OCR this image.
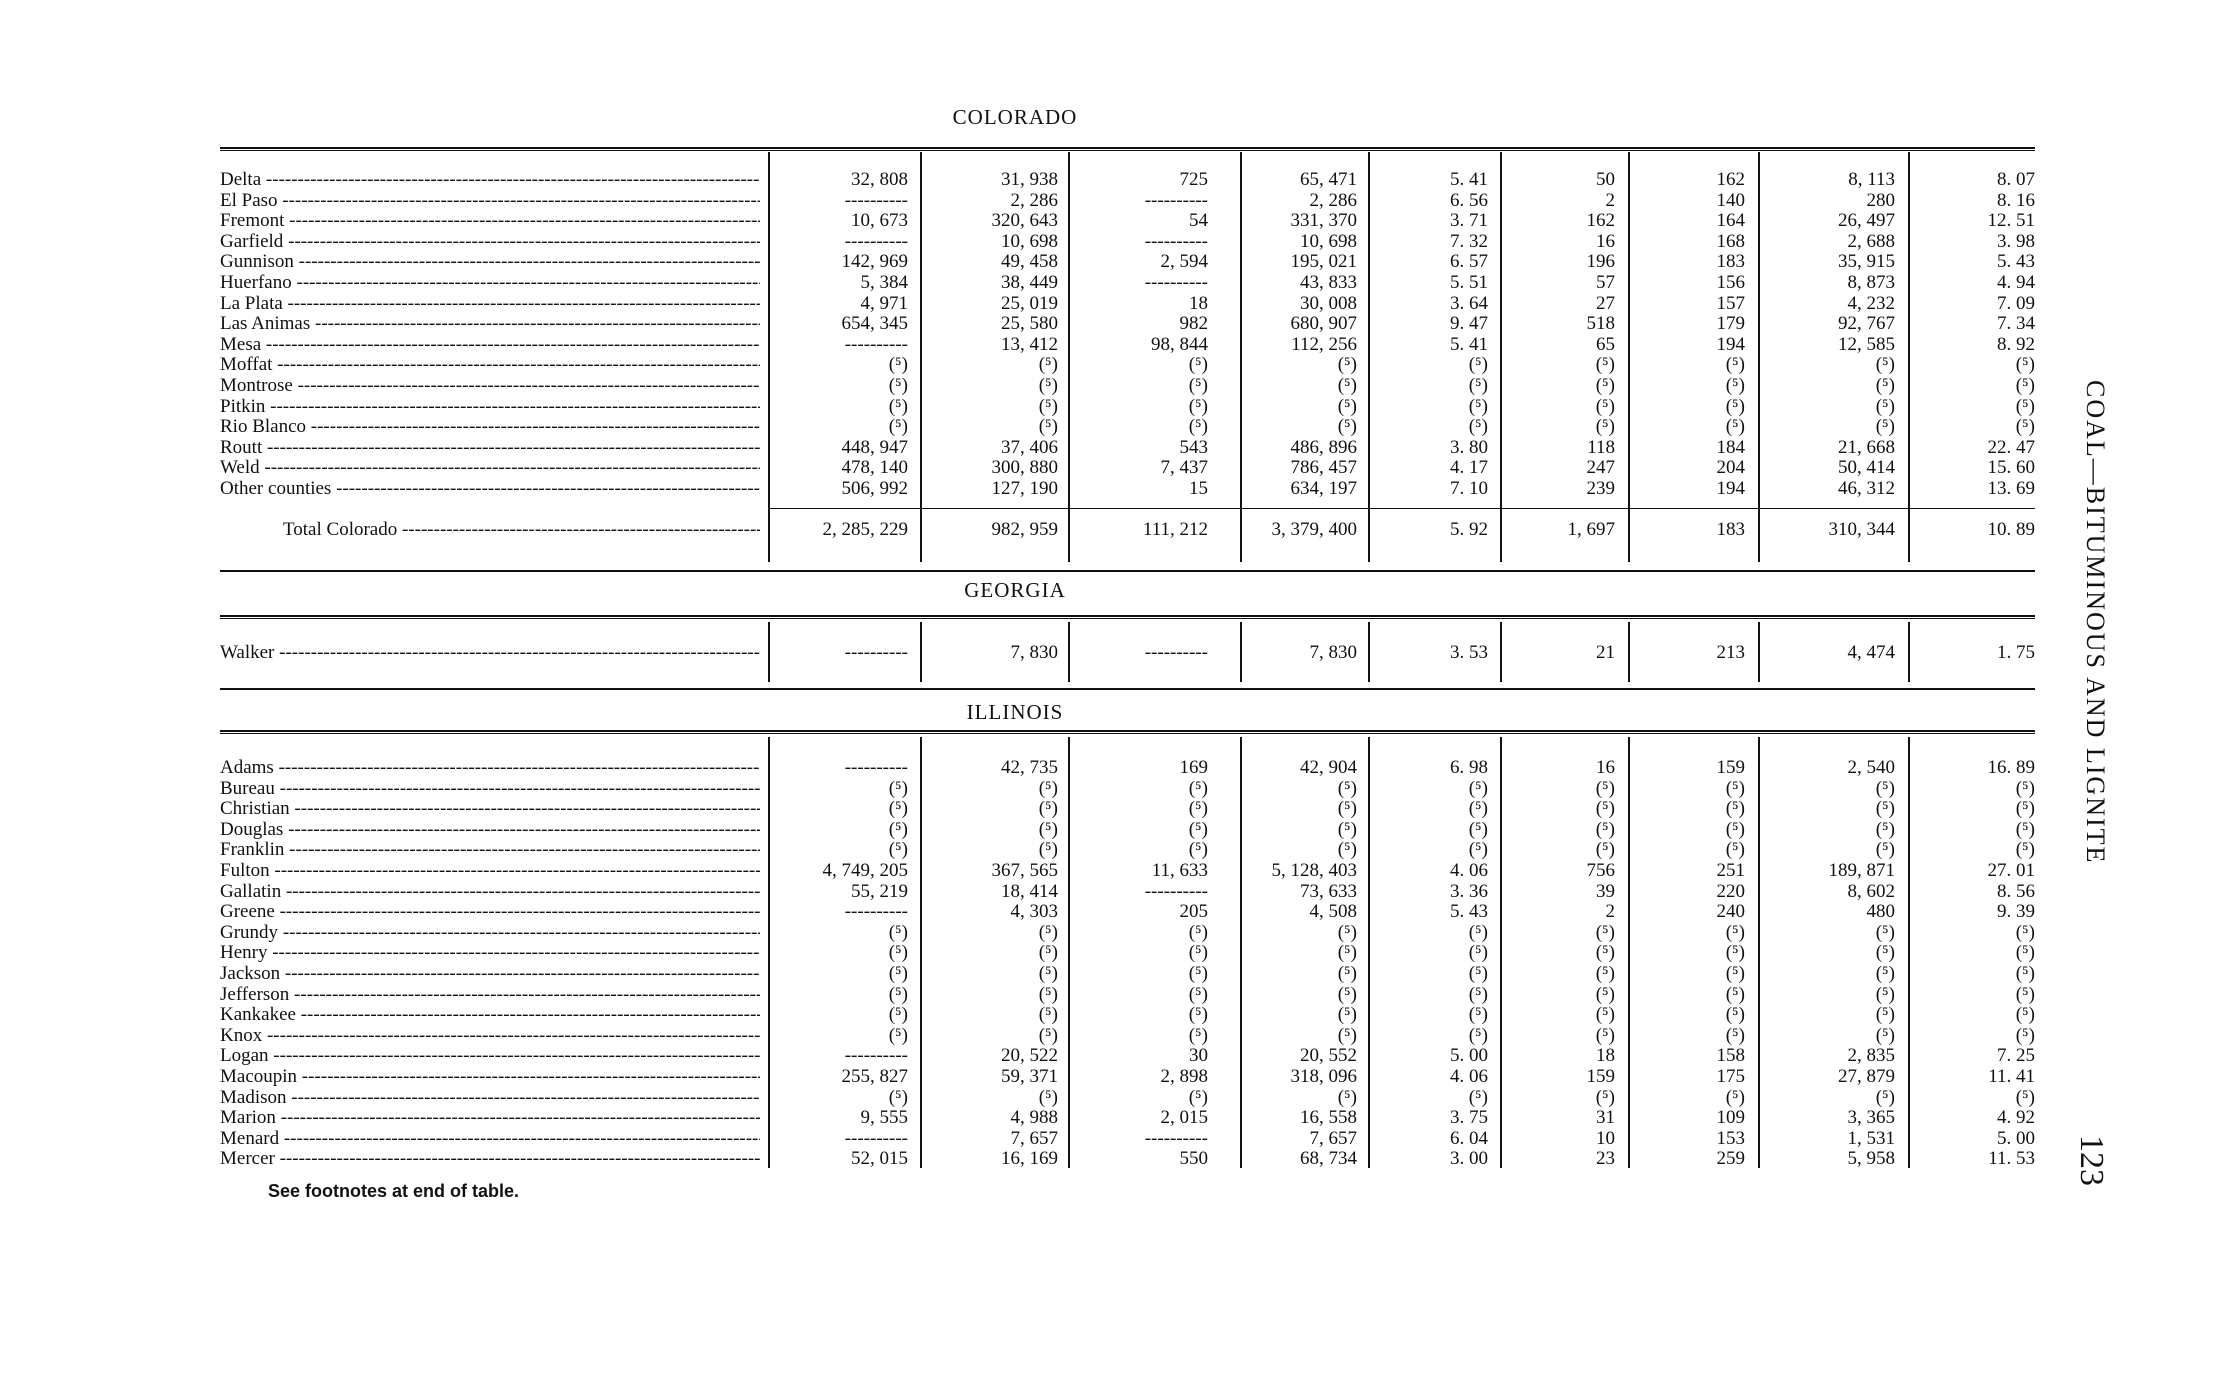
COLORADO
Delta -----	32, 808	31, 938	725	65, 471	5. 41	50	162	8, 113	8. 07
El Paso -----	----------	2, 286	----------	2, 286	6. 56	2	140	280	8. 16
Fremont -----	10, 673	320, 643	54	331, 370	3. 71	162	164	26, 497	12. 51
Garfield -----	----------	10, 698	----------	10, 698	7. 32	16	168	2, 688	3. 98
Gunnison -----	142, 969	49, 458	2, 594	195, 021	6. 57	196	183	35, 915	5. 43
Huerfano -----	5, 384	38, 449	----------	43, 833	5. 51	57	156	8, 873	4. 94
La Plata -----	4, 971	25, 019	18	30, 008	3. 64	27	157	4, 232	7. 09
Las Animas -----	654, 345	25, 580	982	680, 907	9. 47	518	179	92, 767	7. 34
Mesa -----	----------	13, 412	98, 844	112, 256	5. 41	65	194	12, 585	8. 92
Moffat -----	(⁵)	(⁵)	(⁵)	(⁵)	(⁵)	(⁵)	(⁵)	(⁵)	(⁵)
Montrose -----	(⁵)	(⁵)	(⁵)	(⁵)	(⁵)	(⁵)	(⁵)	(⁵)	(⁵)
Pitkin -----	(⁵)	(⁵)	(⁵)	(⁵)	(⁵)	(⁵)	(⁵)	(⁵)	(⁵)
Rio Blanco -----	(⁵)	(⁵)	(⁵)	(⁵)	(⁵)	(⁵)	(⁵)	(⁵)	(⁵)
Routt -----	448, 947	37, 406	543	486, 896	3. 80	118	184	21, 668	22. 47
Weld -----	478, 140	300, 880	7, 437	786, 457	4. 17	247	204	50, 414	15. 60
Other counties -----	506, 992	127, 190	15	634, 197	7. 10	239	194	46, 312	13. 69
Total Colorado -----	2, 285, 229	982, 959	111, 212	3, 379, 400	5. 92	1, 697	183	310, 344	10. 89
GEORGIA
Walker -----	----------	7, 830	----------	7, 830	3. 53	21	213	4, 474	1. 75
ILLINOIS
Adams -----	----------	42, 735	169	42, 904	6. 98	16	159	2, 540	16. 89
Bureau -----	(⁵)	(⁵)	(⁵)	(⁵)	(⁵)	(⁵)	(⁵)	(⁵)	(⁵)
Christian -----	(⁵)	(⁵)	(⁵)	(⁵)	(⁵)	(⁵)	(⁵)	(⁵)	(⁵)
Douglas -----	(⁵)	(⁵)	(⁵)	(⁵)	(⁵)	(⁵)	(⁵)	(⁵)	(⁵)
Franklin -----	(⁵)	(⁵)	(⁵)	(⁵)	(⁵)	(⁵)	(⁵)	(⁵)	(⁵)
Fulton -----	4, 749, 205	367, 565	11, 633	5, 128, 403	4. 06	756	251	189, 871	27. 01
Gallatin -----	55, 219	18, 414	----------	73, 633	3. 36	39	220	8, 602	8. 56
Greene -----	----------	4, 303	205	4, 508	5. 43	2	240	480	9. 39
Grundy -----	(⁵)	(⁵)	(⁵)	(⁵)	(⁵)	(⁵)	(⁵)	(⁵)	(⁵)
Henry -----	(⁵)	(⁵)	(⁵)	(⁵)	(⁵)	(⁵)	(⁵)	(⁵)	(⁵)
Jackson -----	(⁵)	(⁵)	(⁵)	(⁵)	(⁵)	(⁵)	(⁵)	(⁵)	(⁵)
Jefferson -----	(⁵)	(⁵)	(⁵)	(⁵)	(⁵)	(⁵)	(⁵)	(⁵)	(⁵)
Kankakee -----	(⁵)	(⁵)	(⁵)	(⁵)	(⁵)	(⁵)	(⁵)	(⁵)	(⁵)
Knox -----	(⁵)	(⁵)	(⁵)	(⁵)	(⁵)	(⁵)	(⁵)	(⁵)	(⁵)
Logan -----	----------	20, 522	30	20, 552	5. 00	18	158	2, 835	7. 25
Macoupin -----	255, 827	59, 371	2, 898	318, 096	4. 06	159	175	27, 879	11. 41
Madison -----	(⁵)	(⁵)	(⁵)	(⁵)	(⁵)	(⁵)	(⁵)	(⁵)	(⁵)
Marion -----	9, 555	4, 988	2, 015	16, 558	3. 75	31	109	3, 365	4. 92
Menard -----	----------	7, 657	----------	7, 657	6. 04	10	153	1, 531	5. 00
Mercer -----	52, 015	16, 169	550	68, 734	3. 00	23	259	5, 958	11. 53
COAL—BITUMINOUS AND LIGNITE
123
See footnotes at end of table.
